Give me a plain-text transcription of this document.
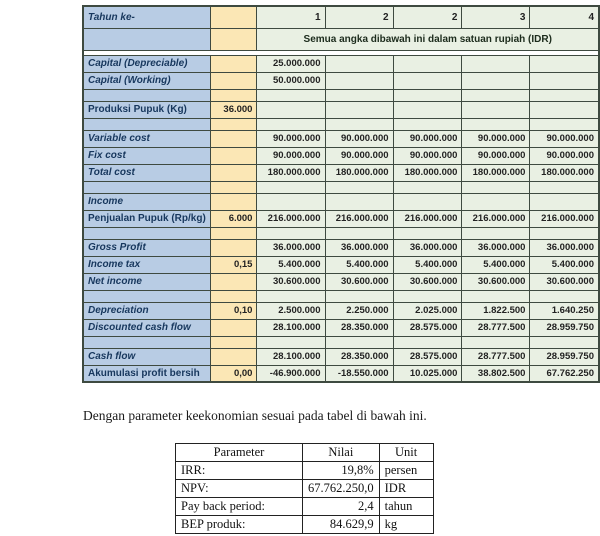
Tahun ke-		1	2	2	3	4
		Semua angka dibawah ini dalam satuan rupiah (IDR)				

Capital (Depreciable)		25.000.000				
Capital (Working)		50.000.000				

Produksi Pupuk (Kg)	36.000					

Variable cost		90.000.000	90.000.000	90.000.000	90.000.000	90.000.000
Fix cost		90.000.000	90.000.000	90.000.000	90.000.000	90.000.000
Total cost		180.000.000	180.000.000	180.000.000	180.000.000	180.000.000

Income						
Penjualan Pupuk (Rp/kg)	6.000	216.000.000	216.000.000	216.000.000	216.000.000	216.000.000

Gross Profit		36.000.000	36.000.000	36.000.000	36.000.000	36.000.000
Income tax	0,15	5.400.000	5.400.000	5.400.000	5.400.000	5.400.000
Net income		30.600.000	30.600.000	30.600.000	30.600.000	30.600.000

Depreciation	0,10	2.500.000	2.250.000	2.025.000	1.822.500	1.640.250
Discounted cash flow		28.100.000	28.350.000	28.575.000	28.777.500	28.959.750

Cash flow		28.100.000	28.350.000	28.575.000	28.777.500	28.959.750
Akumulasi profit bersih	0,00	-46.900.000	-18.550.000	10.025.000	38.802.500	67.762.250
Dengan parameter keekonomian sesuai pada tabel di bawah ini.
Parameter	Nilai	Unit
IRR:	19,8%	persen
NPV:	67.762.250,0	IDR
Pay back period:	2,4	tahun
BEP produk:	84.629,9	kg
